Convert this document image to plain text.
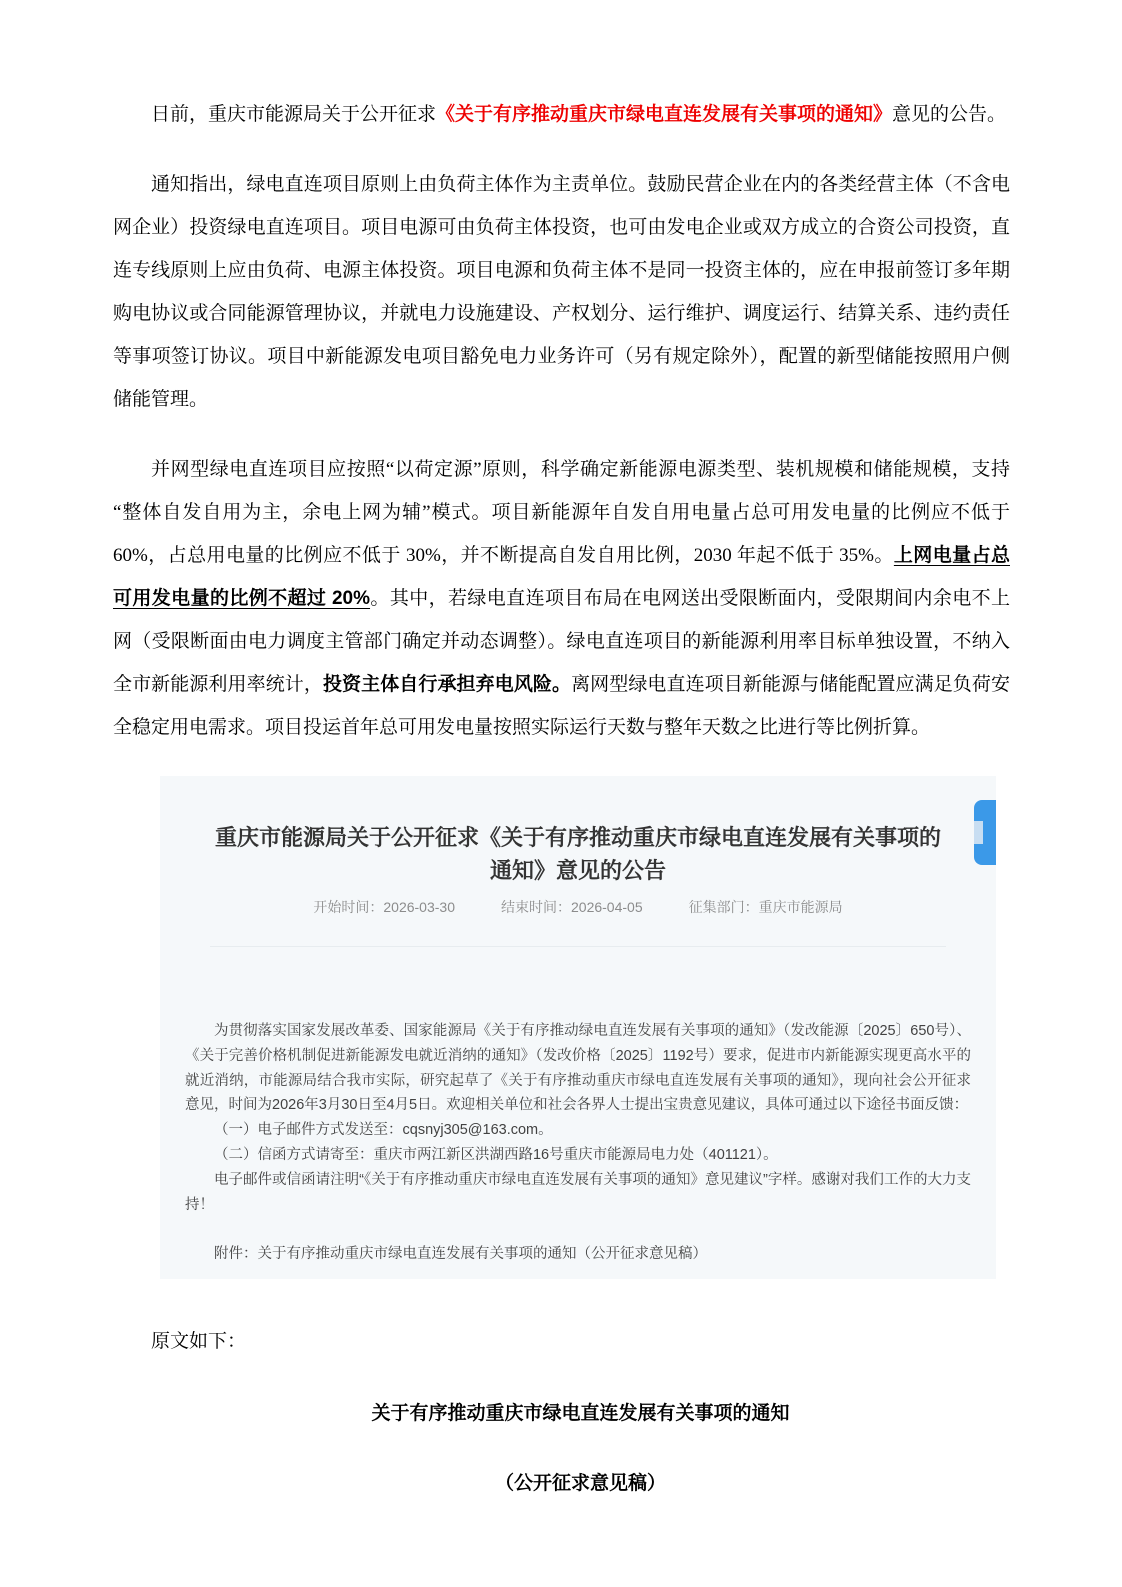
日前，重庆市能源局关于公开征求《关于有序推动重庆市绿电直连发展有关事项的通知》意见的公告。

通知指出，绿电直连项目原则上由负荷主体作为主责单位。鼓励民营企业在内的各类经营主体（不含电网企业）投资绿电直连项目。项目电源可由负荷主体投资，也可由发电企业或双方成立的合资公司投资，直连专线原则上应由负荷、电源主体投资。项目电源和负荷主体不是同一投资主体的，应在申报前签订多年期购电协议或合同能源管理协议，并就电力设施建设、产权划分、运行维护、调度运行、结算关系、违约责任等事项签订协议。项目中新能源发电项目豁免电力业务许可（另有规定除外），配置的新型储能按照用户侧储能管理。

并网型绿电直连项目应按照“以荷定源”原则，科学确定新能源电源类型、装机规模和储能规模，支持“整体自发自用为主，余电上网为辅”模式。项目新能源年自发自用电量占总可用发电量的比例应不低于 60%，占总用电量的比例应不低于 30%，并不断提高自发自用比例，2030 年起不低于 35%。上网电量占总可用发电量的比例不超过 20%。其中，若绿电直连项目布局在电网送出受限断面内，受限期间内余电不上网（受限断面由电力调度主管部门确定并动态调整）。绿电直连项目的新能源利用率目标单独设置，不纳入全市新能源利用率统计，投资主体自行承担弃电风险。离网型绿电直连项目新能源与储能配置应满足负荷安全稳定用电需求。项目投运首年总可用发电量按照实际运行天数与整年天数之比进行等比例折算。

重庆市能源局关于公开征求《关于有序推动重庆市绿电直连发展有关事项的通知》意见的公告
开始时间：2026-03-30	结束时间：2026-04-05	征集部门：重庆市能源局

为贯彻落实国家发展改革委、国家能源局《关于有序推动绿电直连发展有关事项的通知》（发改能源〔2025〕650号）、《关于完善价格机制促进新能源发电就近消纳的通知》（发改价格〔2025〕1192号）要求，促进市内新能源实现更高水平的就近消纳，市能源局结合我市实际，研究起草了《关于有序推动重庆市绿电直连发展有关事项的通知》，现向社会公开征求意见，时间为2026年3月30日至4月5日。欢迎相关单位和社会各界人士提出宝贵意见建议，具体可通过以下途径书面反馈：

（一）电子邮件方式发送至：cqsnyj305@163.com。

（二）信函方式请寄至：重庆市两江新区洪湖西路16号重庆市能源局电力处（401121）。

电子邮件或信函请注明“《关于有序推动重庆市绿电直连发展有关事项的通知》意见建议”字样。感谢对我们工作的大力支持！

附件：关于有序推动重庆市绿电直连发展有关事项的通知（公开征求意见稿）

原文如下：

关于有序推动重庆市绿电直连发展有关事项的通知

（公开征求意见稿）
